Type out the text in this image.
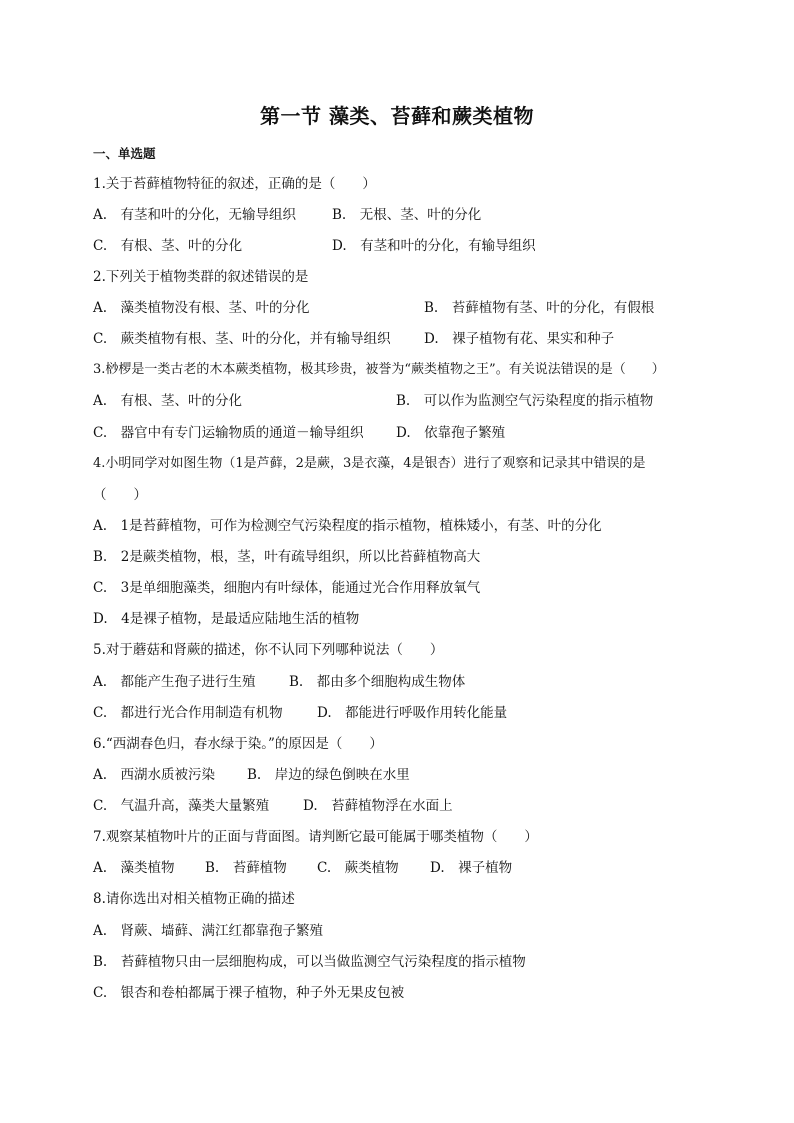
第一节 藻类、苔藓和蕨类植物
一、单选题
1.关于苔藓植物特征的叙述，正确的是（　　）
A.　有茎和叶的分化，无输导组织	B.　无根、茎、叶的分化
C.　有根、茎、叶的分化	D.　有茎和叶的分化，有输导组织
2.下列关于植物类群的叙述错误的是
A.　藻类植物没有根、茎、叶的分化	B.　苔藓植物有茎、叶的分化，有假根
C.　蕨类植物有根、茎、叶的分化，并有输导组织 D.　裸子植物有花、果实和种子
3.桫椤是一类古老的木本蕨类植物，极其珍贵，被誉为“蕨类植物之王”。有关说法错误的是（　　）
A.　有根、茎、叶的分化	B.　可以作为监测空气污染程度的指示植物
C.　器官中有专门运输物质的通道－输导组织 D.　依靠孢子繁殖
4.小明同学对如图生物（1是芦藓，2是蕨，3是衣藻，4是银杏）进行了观察和记录其中错误的是
（　　）
A.　1是苔藓植物，可作为检测空气污染程度的指示植物，植株矮小，有茎、叶的分化
B.　2是蕨类植物，根，茎，叶有疏导组织，所以比苔藓植物高大
C.　3是单细胞藻类，细胞内有叶绿体，能通过光合作用释放氧气
D.　4是裸子植物，是最适应陆地生活的植物
5.对于蘑菇和肾蕨的描述，你不认同下列哪种说法（　　）
A.　都能产生孢子进行生殖 B.　都由多个细胞构成生物体
C.　都进行光合作用制造有机物	D.　都能进行呼吸作用转化能量
6.“西湖春色归，春水绿于染。”的原因是（　　）
A.　西湖水质被污染 B.　岸边的绿色倒映在水里
C.　气温升高，藻类大量繁殖	D.　苔藓植物浮在水面上
7.观察某植物叶片的正面与背面图。请判断它最可能属于哪类植物（　　）
A.　藻类植物 B.　苔藓植物 C.　蕨类植物 D.　裸子植物
8.请你选出对相关植物正确的描述
A.　肾蕨、墙藓、满江红都靠孢子繁殖
B.　苔藓植物只由一层细胞构成，可以当做监测空气污染程度的指示植物
C.　银杏和卷柏都属于裸子植物，种子外无果皮包被
